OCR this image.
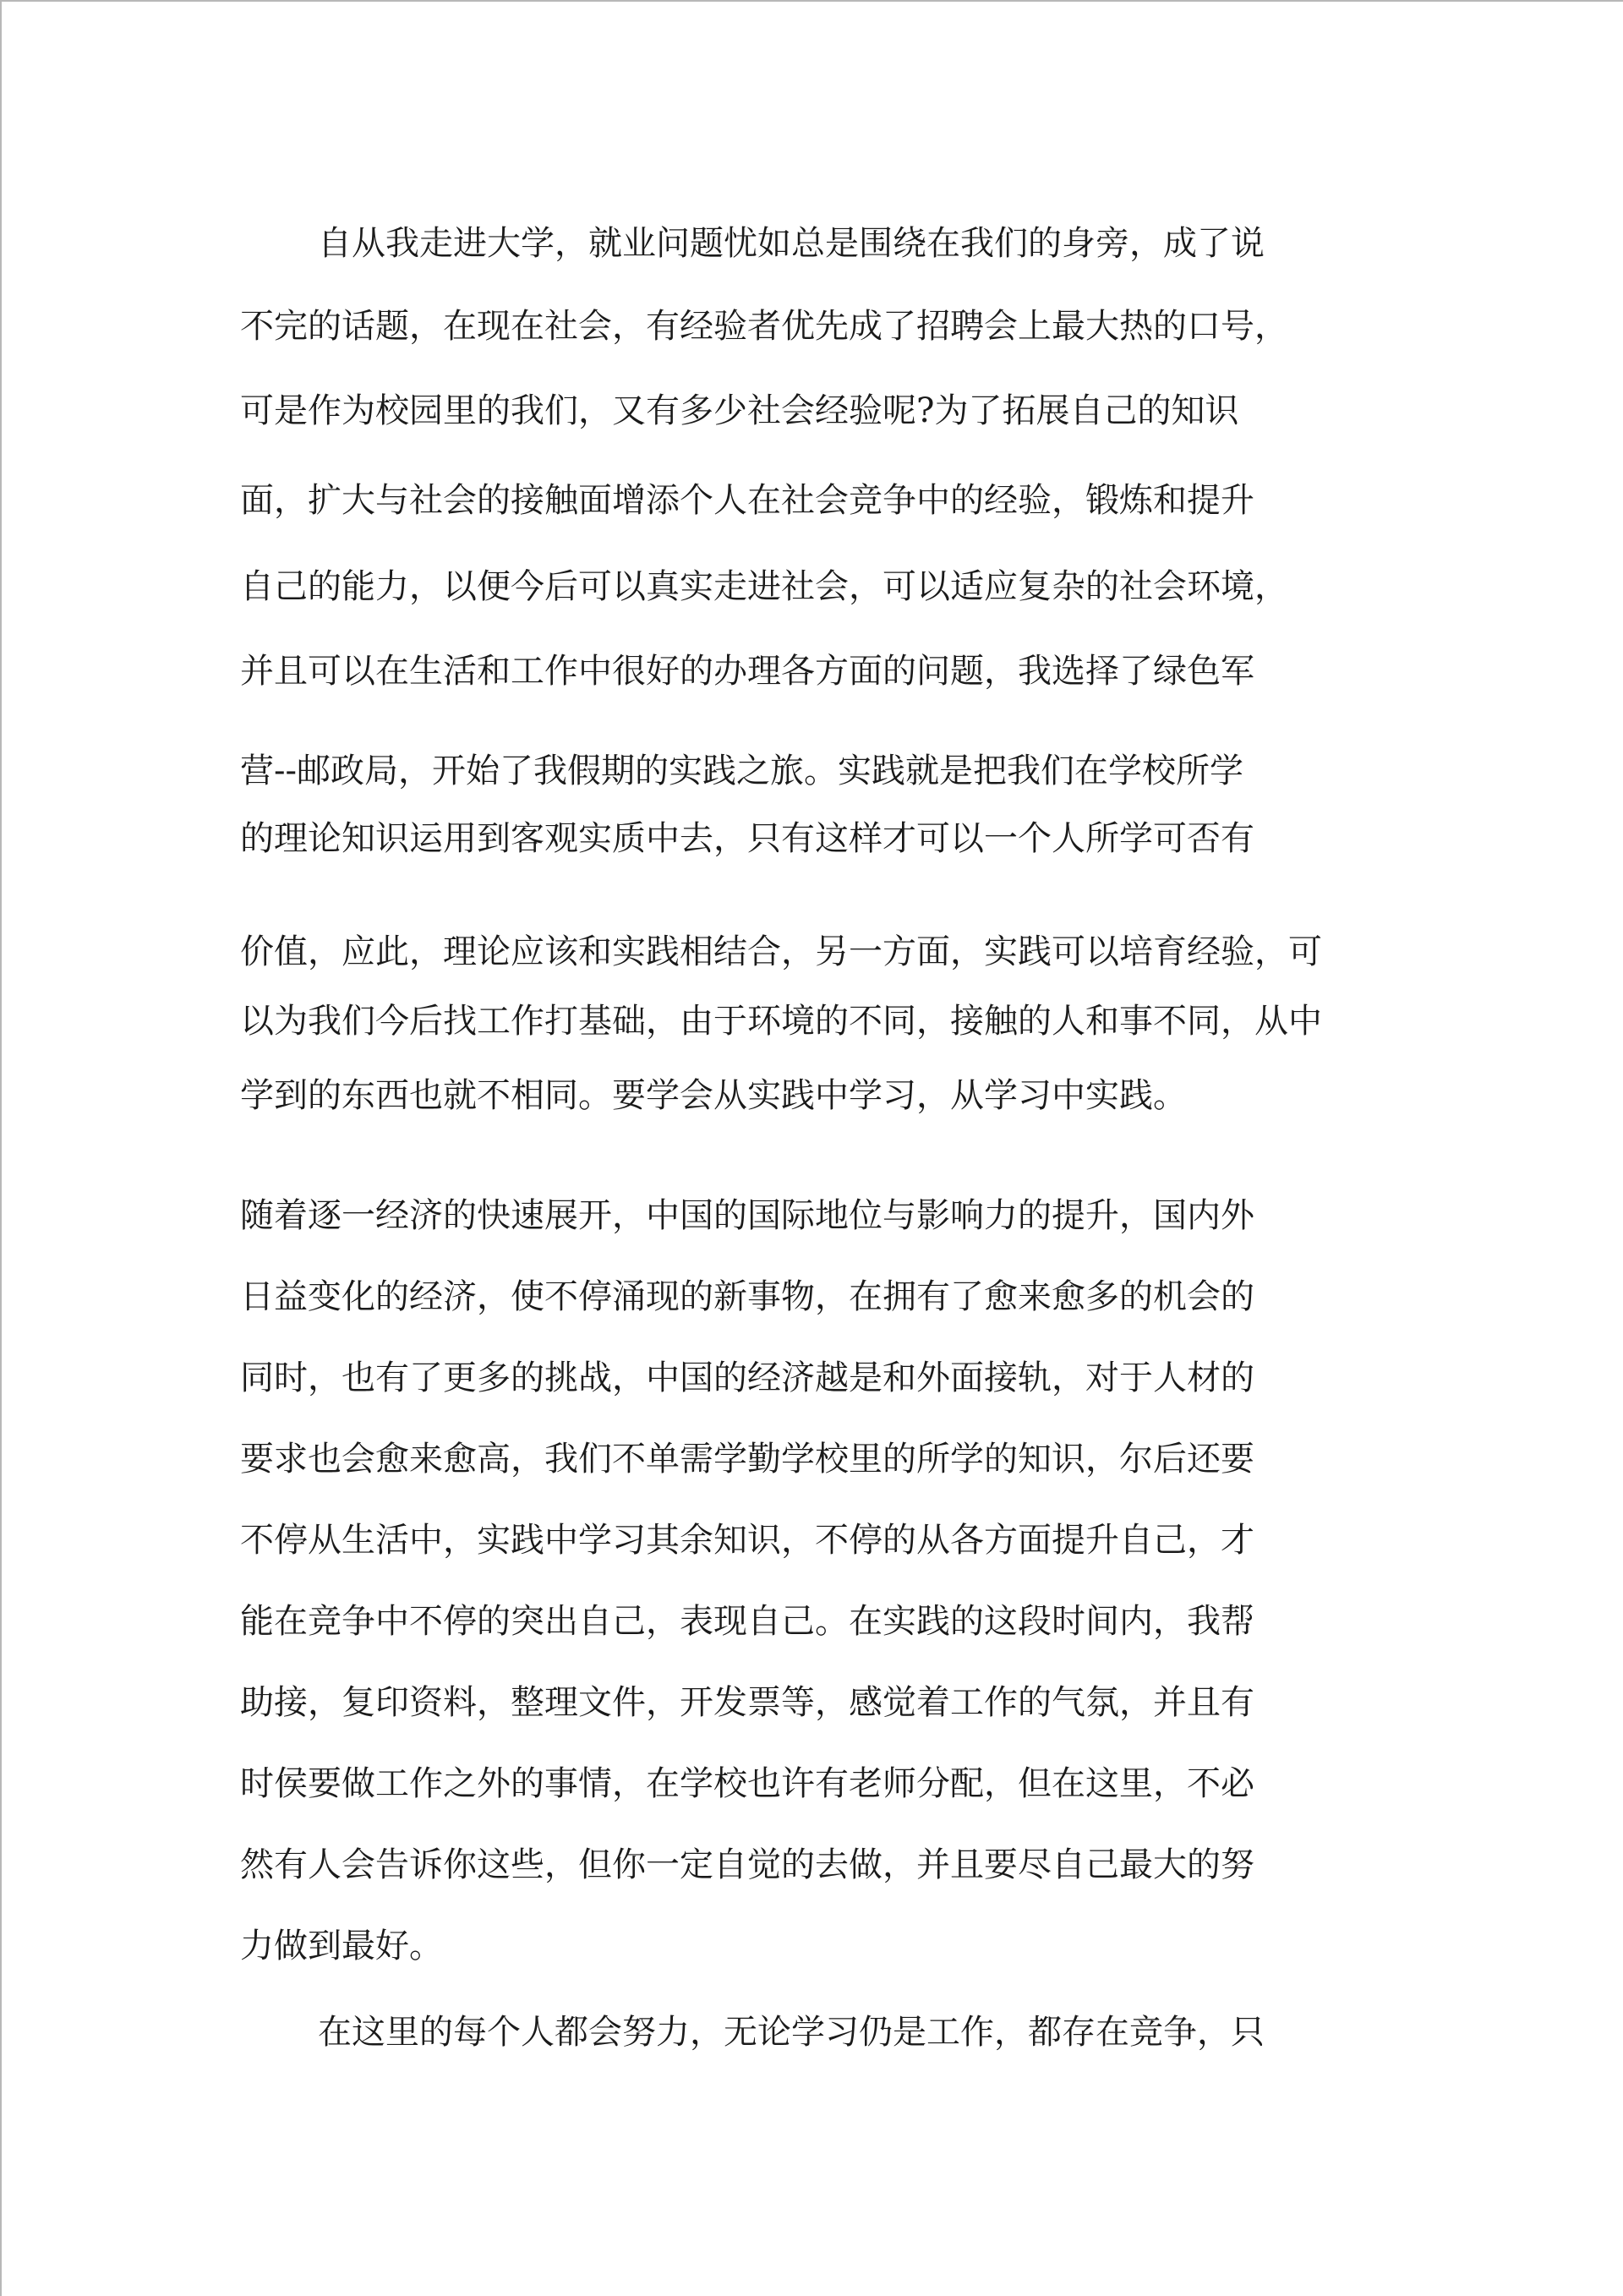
自从我走进大学，就业问题忧如总是围绕在我们的身旁，成了说
不完的话题，在现在社会，有经验者优先成了招聘会上最大热的口号，
可是作为校园里的我们，又有多少社会经验呢?为了拓展自己的知识
面，扩大与社会的接触面增添个人在社会竞争中的经验，锻炼和提升
自己的能力，以便今后可以真实走进社会，可以适应复杂的社会环境，
并且可以在生活和工作中很好的办理各方面的问题，我选择了绿色军
营--邮政局，开始了我假期的实践之旅。实践就是把我们在学校所学
的理论知识运用到客观实质中去，只有这样才可以一个人所学可否有
价值，应此，理论应该和实践相结合，另一方面，实践可以培育经验，可
以为我们今后找工作打基础，由于环境的不同，接触的人和事不同，从中
学到的东西也就不相同。要学会从实践中学习，从学习中实践。
随着逐一经济的快速展开，中国的国际地位与影响力的提升，国内外
日益变化的经济，使不停涌现的新事物，在拥有了愈来愈多的机会的
同时，也有了更多的挑战，中国的经济越是和外面接轨，对于人材的
要求也会愈来愈高，我们不单需学勤学校里的所学的知识，尔后还要
不停从生活中，实践中学习其余知识，不停的从各方面提升自己，才
能在竞争中不停的突出自己，表现自己。在实践的这段时间内，我帮
助接，复印资料，整理文件，开发票等，感觉着工作的气氛，并且有
时侯要做工作之外的事情，在学校也许有老师分配，但在这里，不必
然有人会告诉你这些，但你一定自觉的去做，并且要尽自己最大的努
力做到最好。
在这里的每个人都会努力，无论学习仍是工作，都存在竞争，只
